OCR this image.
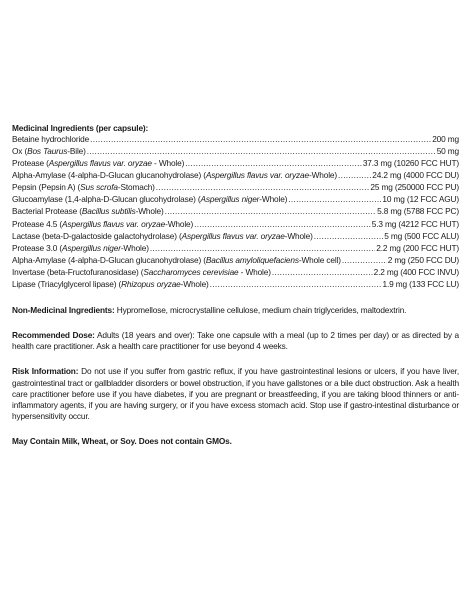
Medicinal Ingredients (per capsule):

Betaine hydrochloride .....	200 mg
Ox (Bos Taurus-Bile) .....	50 mg
Protease (Aspergillus flavus var. oryzae - Whole) .....	37.3 mg (10260 FCC HUT)
Alpha-Amylase (4-alpha-D-Glucan glucanohydrolase) (Aspergillus flavus var. oryzae-Whole) .....	24.2 mg (4000 FCC DU)
Pepsin (Pepsin A) (Sus scrofa-Stomach) .....	25 mg (250000 FCC PU)
Glucoamylase (1,4-alpha-D-Glucan glucohydrolase) (Aspergillus niger-Whole) .....	10 mg (12 FCC AGU)
Bacterial Protease (Bacillus subtilis-Whole) .....	5.8 mg (5788 FCC PC)
Protease 4.5 (Aspergillus flavus var. oryzae-Whole) .....	5.3 mg (4212 FCC HUT)
Lactase (beta-D-galactoside galactohydrolase) (Aspergillus flavus var. oryzae-Whole) .....	5 mg (500 FCC ALU)
Protease 3.0 (Aspergillus niger-Whole) .....	2.2 mg (200 FCC HUT)
Alpha-Amylase (4-alpha-D-Glucan glucanohydrolase) (Bacillus amyloliquefaciens-Whole cell) .....	2 mg (250 FCC DU)
Invertase (beta-Fructofuranosidase) (Saccharomyces cerevisiae - Whole) .....	2.2 mg (400 FCC INVU)
Lipase (Triacylglycerol lipase) (Rhizopus oryzae-Whole) .....	1.9 mg (133 FCC LU)

Non-Medicinal Ingredients: Hypromellose, microcrystalline cellulose, medium chain triglycerides, maltodextrin.

Recommended Dose: Adults (18 years and over): Take one capsule with a meal (up to 2 times per day) or as directed by a health care practitioner. Ask a health care practitioner for use beyond 4 weeks.

Risk Information: Do not use if you suffer from gastric reflux, if you have gastrointestinal lesions or ulcers, if you have liver, gastrointestinal tract or gallbladder disorders or bowel obstruction, if you have gallstones or a bile duct obstruction. Ask a health care practitioner before use if you have diabetes, if you are pregnant or breastfeeding, if you are taking blood thinners or anti-inflammatory agents, if you are having surgery, or if you have excess stomach acid. Stop use if gastro-intestinal disturbance or hypersensitivity occur.

May Contain Milk, Wheat, or Soy. Does not contain GMOs.
